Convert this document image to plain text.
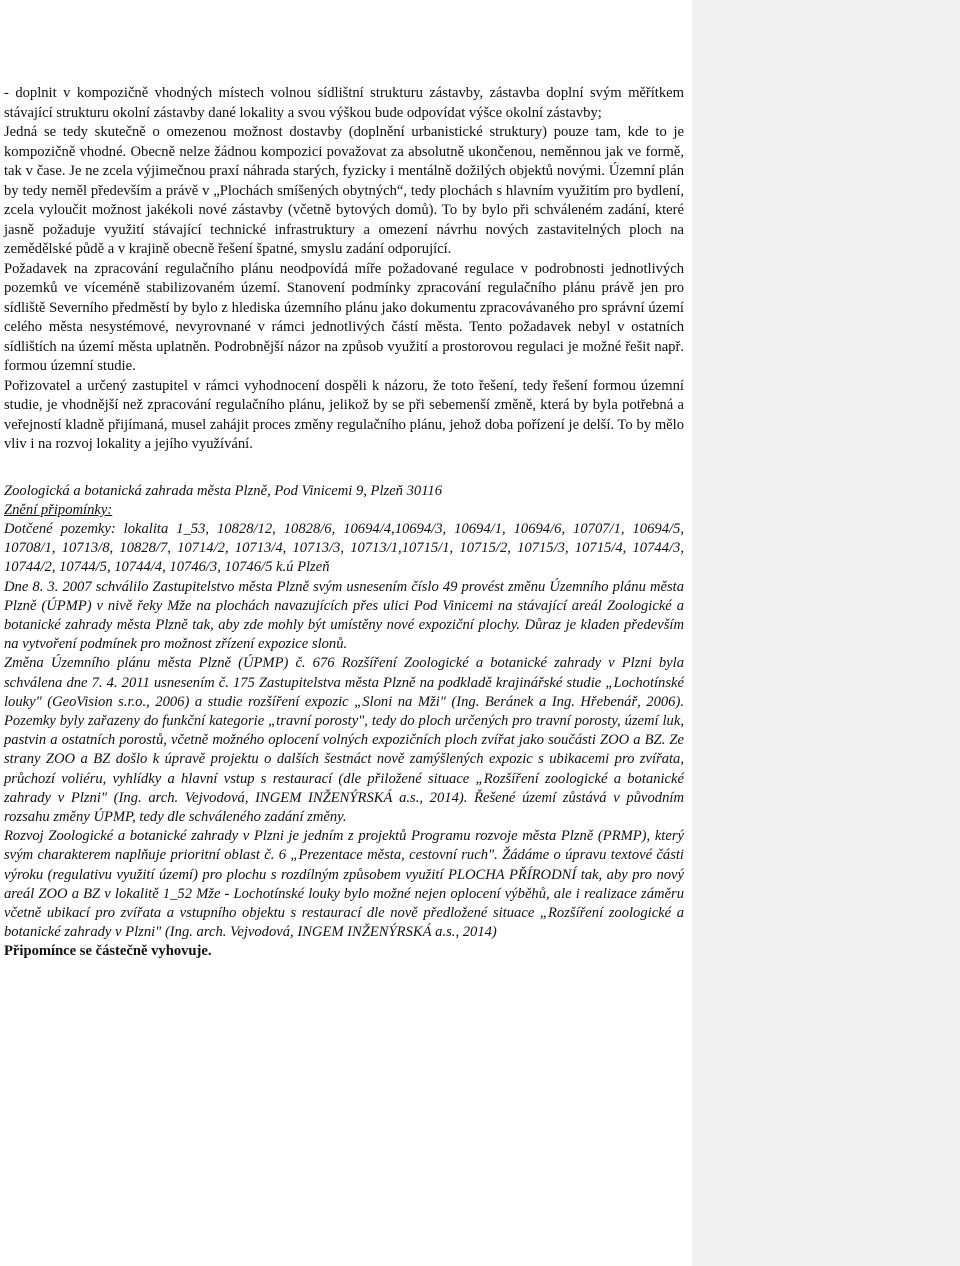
- doplnit v kompozičně vhodných místech volnou sídlištní strukturu zástavby, zástavba doplní svým měřítkem stávající strukturu okolní zástavby dané lokality a svou výškou bude odpovídat výšce okolní zástavby;

Jedná se tedy skutečně o omezenou možnost dostavby (doplnění urbanistické struktury) pouze tam, kde to je kompozičně vhodné. Obecně nelze žádnou kompozici považovat za absolutně ukončenou, neměnnou jak ve formě, tak v čase. Je ne zcela výjimečnou praxí náhrada starých, fyzicky i mentálně dožilých objektů novými. Územní plán by tedy neměl především a právě v „Plochách smíšených obytných“, tedy plochách s hlavním využitím pro bydlení, zcela vyloučit možnost jakékoli nové zástavby (včetně bytových domů). To by bylo při schváleném zadání, které jasně požaduje využití stávající technické infrastruktury a omezení návrhu nových zastavitelných ploch na zemědělské půdě a v krajině obecně řešení špatné, smyslu zadání odporující.

Požadavek na zpracování regulačního plánu neodpovídá míře požadované regulace v podrobnosti jednotlivých pozemků ve víceméně stabilizovaném území. Stanovení podmínky zpracování regulačního plánu právě jen pro sídliště Severního předměstí by bylo z hlediska územního plánu jako dokumentu zpracovávaného pro správní území celého města nesystémové, nevyrovnané v rámci jednotlivých částí města. Tento požadavek nebyl v ostatních sídlištích na území města uplatněn. Podrobnější názor na způsob využití a prostorovou regulaci je možné řešit např. formou územní studie.

Pořizovatel a určený zastupitel v rámci vyhodnocení dospěli k názoru, že toto řešení, tedy řešení formou územní studie, je vhodnější než zpracování regulačního plánu, jelikož by se při sebemenší změně, která by byla potřebná a veřejností kladně přijímaná, musel zahájit proces změny regulačního plánu, jehož doba pořízení je delší. To by mělo vliv i na rozvoj lokality a jejího využívání.

Zoologická a botanická zahrada města Plzně, Pod Vinicemi 9, Plzeň 30116

Znění připomínky:

Dotčené pozemky: lokalita 1_53, 10828/12, 10828/6, 10694/4,10694/3, 10694/1, 10694/6, 10707/1, 10694/5, 10708/1, 10713/8, 10828/7, 10714/2, 10713/4, 10713/3, 10713/1,10715/1, 10715/2, 10715/3, 10715/4, 10744/3, 10744/2, 10744/5, 10744/4, 10746/3, 10746/5 k.ú Plzeň

Dne 8. 3. 2007 schválilo Zastupitelstvo města Plzně svým usnesením číslo 49 provést změnu Územního plánu města Plzně (ÚPMP) v nivě řeky Mže na plochách navazujících přes ulici Pod Vinicemi na stávající areál Zoologické a botanické zahrady města Plzně tak, aby zde mohly být umístěny nové expoziční plochy. Důraz je kladen především na vytvoření podmínek pro možnost zřízení expozice slonů.

Změna Územního plánu města Plzně (ÚPMP) č. 676 Rozšíření Zoologické a botanické zahrady v Plzni byla schválena dne 7. 4. 2011 usnesením č. 175 Zastupitelstva města Plzně na podkladě krajinářské studie „Lochotínské louky" (GeoVision s.r.o., 2006) a studie rozšíření expozic „Sloni na Mži" (Ing. Beránek a Ing. Hřebenář, 2006). Pozemky byly zařazeny do funkční kategorie „travní porosty", tedy do ploch určených pro travní porosty, území luk, pastvin a ostatních porostů, včetně možného oplocení volných expozičních ploch zvířat jako součásti ZOO a BZ. Ze strany ZOO a BZ došlo k úpravě projektu o dalších šestnáct nově zamýšlených expozic s ubikacemi pro zvířata, průchozí voliéru, vyhlídky a hlavní vstup s restaurací (dle přiložené situace „Rozšíření zoologické a botanické zahrady v Plzni" (Ing. arch. Vejvodová, INGEM INŽENÝRSKÁ a.s., 2014). Řešené území zůstává v původním rozsahu změny ÚPMP, tedy dle schváleného zadání změny.

Rozvoj Zoologické a botanické zahrady v Plzni je jedním z projektů Programu rozvoje města Plzně (PRMP), který svým charakterem naplňuje prioritní oblast č. 6 „Prezentace města, cestovní ruch". Žádáme o úpravu textové části výroku (regulativu využití území) pro plochu s rozdílným způsobem využití PLOCHA PŘÍRODNÍ tak, aby pro nový areál ZOO a BZ v lokalitě 1_52 Mže - Lochotínské louky bylo možné nejen oplocení výběhů, ale i realizace záměru včetně ubikací pro zvířata a vstupního objektu s restaurací dle nově předložené situace „Rozšíření zoologické a botanické zahrady v Plzni" (Ing. arch. Vejvodová, INGEM INŽENÝRSKÁ a.s., 2014)

Připomínce se částečně vyhovuje.
